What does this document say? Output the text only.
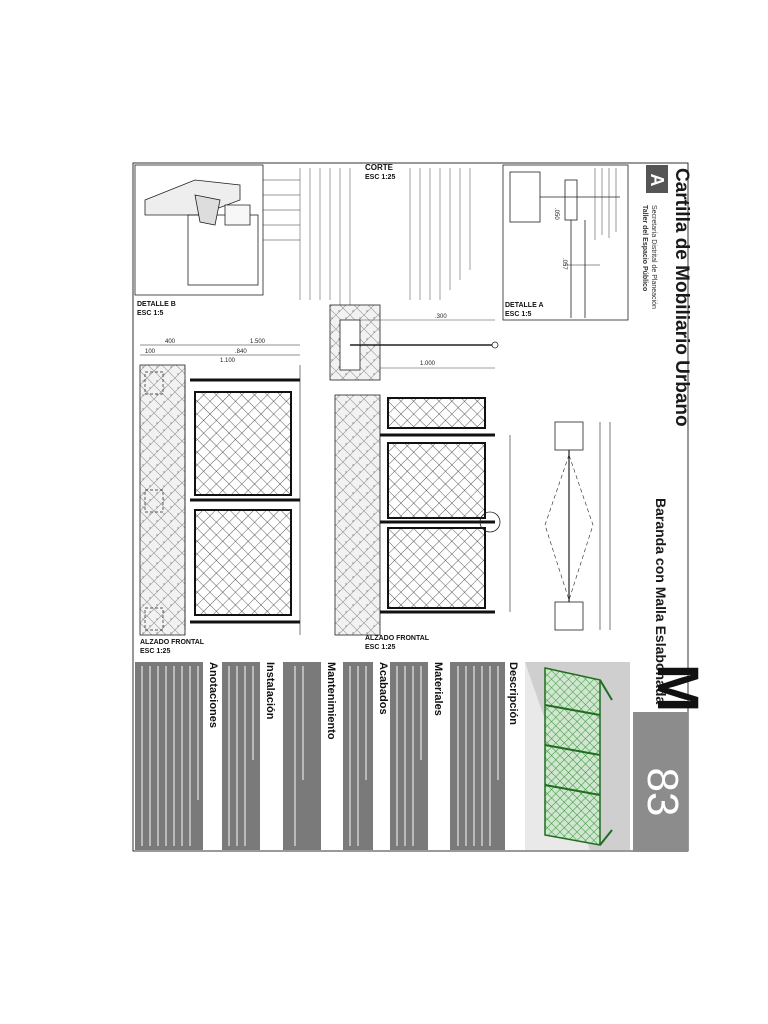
A Cartilla de Mobiliario Urbano
Secretaría Distrital de Planeación
Taller del Espacio Público
Baranda con Malla Eslabonada
M
83
.057
.050
DETALLE A
ESC 1:5
DETALLE B
ESC 1:5
CORTE
ESC 1:25
1.000
.300
1.500
400
100	.840
1.100
ALZADO FRONTAL
ESC 1:25
ALZADO FRONTAL
ESC 1:25
Descripción
Materiales
Acabados
Mantenimiento
Instalación
Anotaciones
